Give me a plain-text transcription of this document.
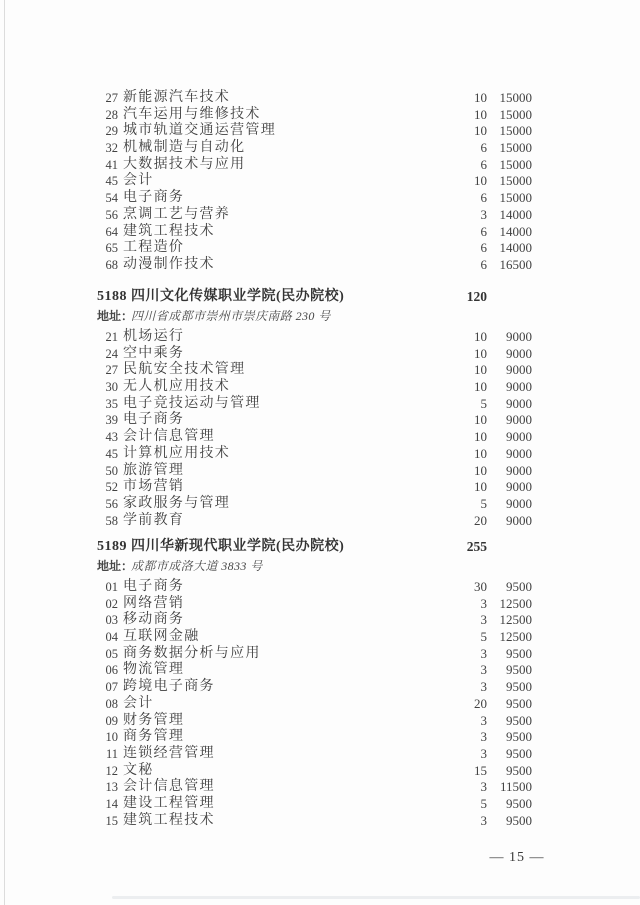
27 新能源汽车技术	10 15000
28 汽车运用与维修技术	10 15000
29 城市轨道交通运营管理	10 15000
32 机械制造与自动化	6 15000
41 大数据技术与应用	6 15000
45 会计	10 15000
54 电子商务	6 15000
56 烹调工艺与营养	3 14000
64 建筑工程技术	6 14000
65 工程造价	6 14000
68 动漫制作技术	6 16500
5188 四川文化传媒职业学院(民办院校)	120
地址：
四川省成都市崇州市崇庆南路 230 号
21 机场运行	10	9000
24 空中乘务	10	9000
27 民航安全技术管理	10	9000
30 无人机应用技术	10	9000
35 电子竞技运动与管理	5	9000
39 电子商务	10	9000
43 会计信息管理	10	9000
45 计算机应用技术	10	9000
50 旅游管理	10	9000
52 市场营销	10	9000
56 家政服务与管理	5	9000
58 学前教育	20	9000
5189 四川华新现代职业学院(民办院校)	255
地址：
成都市成洛大道 3833 号
01 电子商务	30	9500
02 网络营销	3 12500
03 移动商务	3 12500
04 互联网金融	5 12500
05 商务数据分析与应用	3	9500
06 物流管理	3	9500
07 跨境电子商务	3	9500
08 会计	20	9500
09 财务管理	3	9500
10 商务管理	3	9500
11 连锁经营管理	3	9500
12 文秘	15	9500
13 会计信息管理	3 11500
14 建设工程管理	5	9500
15 建筑工程技术	3	9500
— 15 —
